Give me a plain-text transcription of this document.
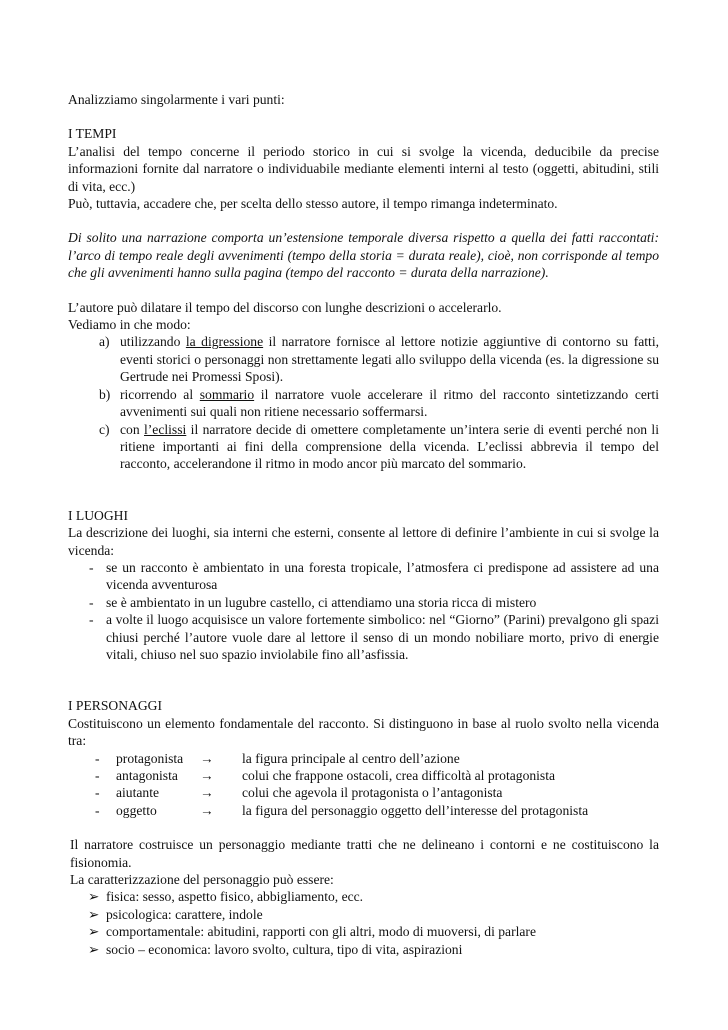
Analizziamo singolarmente i vari punti:

I TEMPI

L’analisi del tempo concerne il periodo storico in cui si svolge la vicenda, deducibile da precise informazioni fornite dal narratore o individuabile mediante elementi interni al testo (oggetti, abitudini, stili di vita, ecc.)

Può, tuttavia, accadere che, per scelta dello stesso autore, il tempo rimanga indeterminato.

Di solito una narrazione comporta un’estensione temporale diversa rispetto a quella dei fatti raccontati: l’arco di tempo reale degli avvenimenti (tempo della storia = durata reale), cioè, non corrisponde al tempo che gli avvenimenti hanno sulla pagina (tempo del racconto = durata della narrazione).

L’autore può dilatare il tempo del discorso con lunghe descrizioni o accelerarlo.

Vediamo in che modo:

a) utilizzando la digressione il narratore fornisce al lettore notizie aggiuntive di contorno su fatti, eventi storici o personaggi non strettamente legati allo sviluppo della vicenda (es. la digressione su Gertrude nei Promessi Sposi).
b) ricorrendo al sommario il narratore vuole accelerare il ritmo del racconto sintetizzando certi avvenimenti sui quali non ritiene necessario soffermarsi.
c) con l’eclissi il narratore decide di omettere completamente un’intera serie di eventi perché non li ritiene importanti ai fini della comprensione della vicenda. L’eclissi abbrevia il tempo del racconto, accelerandone il ritmo in modo ancor più marcato del sommario.

I LUOGHI

La descrizione dei luoghi, sia interni che esterni, consente al lettore di definire l’ambiente in cui si svolge la vicenda:

- se un racconto è ambientato in una foresta tropicale, l’atmosfera ci predispone ad assistere ad una vicenda avventurosa
- se è ambientato in un lugubre castello, ci attendiamo una storia ricca di mistero
- a volte il luogo acquisisce un valore fortemente simbolico: nel “Giorno” (Parini) prevalgono gli spazi chiusi perché l’autore vuole dare al lettore il senso di un mondo nobiliare morto, privo di energie vitali, chiuso nel suo spazio inviolabile fino all’asfissia.

I PERSONAGGI

Costituiscono un elemento fondamentale del racconto. Si distinguono in base al ruolo svolto nella vicenda tra:

- protagonista → la figura principale al centro dell’azione
- antagonista → colui che frappone ostacoli, crea difficoltà al protagonista
- aiutante	→ colui che agevola il protagonista o l’antagonista
- oggetto	→ la figura del personaggio oggetto dell’interesse del protagonista

Il narratore costruisce un personaggio mediante tratti che ne delineano i contorni e ne costituiscono la fisionomia.

La caratterizzazione del personaggio può essere:

➢ fisica: sesso, aspetto fisico, abbigliamento, ecc.
➢ psicologica: carattere, indole
➢ comportamentale: abitudini, rapporti con gli altri, modo di muoversi, di parlare
➢ socio – economica: lavoro svolto, cultura, tipo di vita, aspirazioni
